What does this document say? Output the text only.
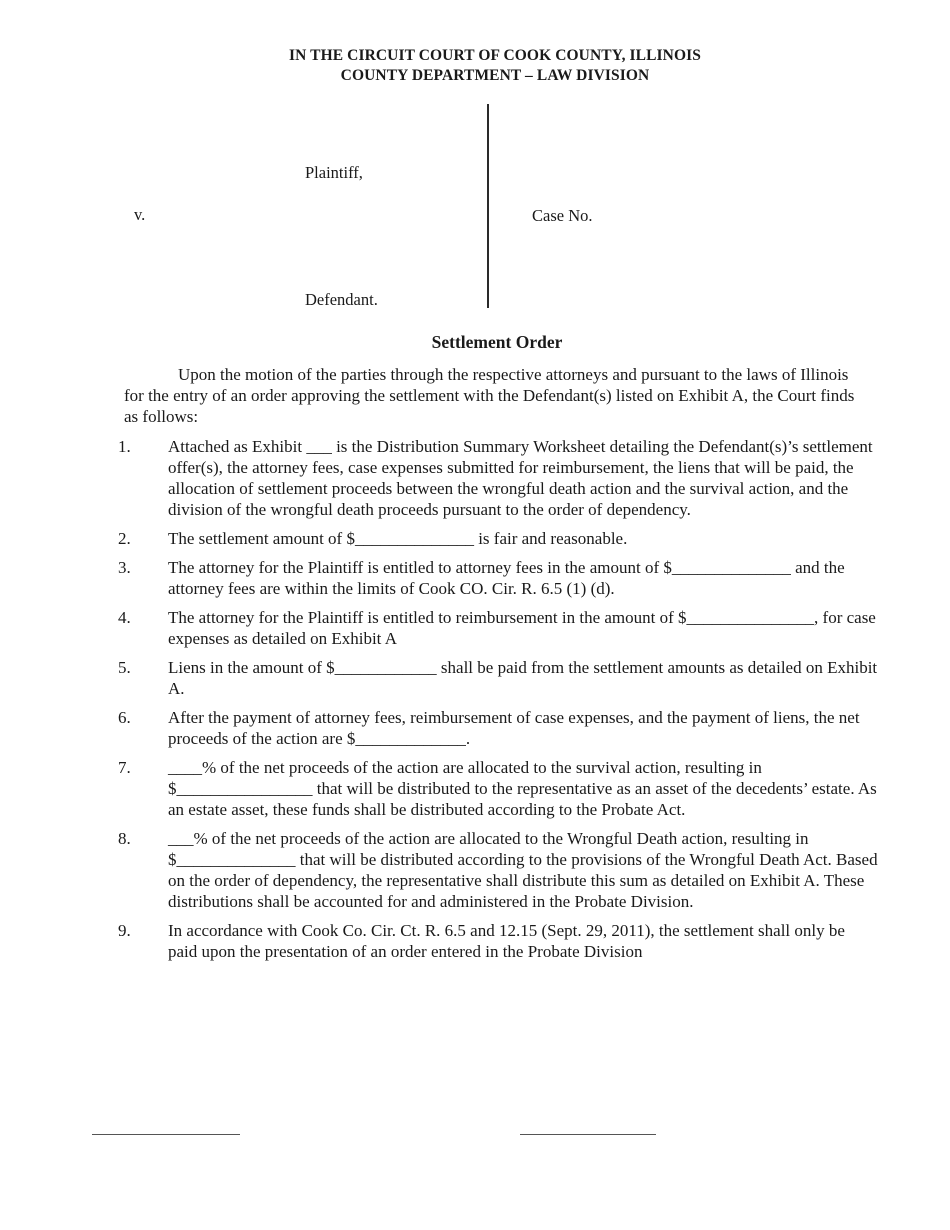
IN THE CIRCUIT COURT OF COOK COUNTY, ILLINOIS
COUNTY DEPARTMENT – LAW DIVISION
Plaintiff,
v.	Case No.
Defendant.
Settlement Order
Upon the motion of the parties through the respective attorneys and pursuant to the laws of Illinois for the entry of an order approving the settlement with the Defendant(s) listed on Exhibit A, the Court finds as follows:
1.	Attached as Exhibit ___ is the Distribution Summary Worksheet detailing the Defendant(s)’s settlement offer(s), the attorney fees, case expenses submitted for reimbursement, the liens that will be paid, the allocation of settlement proceeds between the wrongful death action and the survival action, and the division of the wrongful death proceeds pursuant to the order of dependency.
2.	The settlement amount of $______________ is fair and reasonable.
3.	The attorney for the Plaintiff is entitled to attorney fees in the amount of $______________ and the attorney fees are within the limits of Cook CO. Cir. R. 6.5 (1) (d).
4.	The attorney for the Plaintiff is entitled to reimbursement in the amount of $_______________, for case expenses as detailed on Exhibit A
5.	Liens in the amount of $____________ shall be paid from the settlement amounts as detailed on Exhibit A.
6.	After the payment of attorney fees, reimbursement of case expenses, and the payment of liens, the net proceeds of the action are $_____________.
7.	____% of the net proceeds of the action are allocated to the survival action, resulting in $________________ that will be distributed to the representative as an asset of the decedents’ estate. As an estate asset, these funds shall be distributed according to the Probate Act.
8.	___% of the net proceeds of the action are allocated to the Wrongful Death action, resulting in $______________ that will be distributed according to the provisions of the Wrongful Death Act. Based on the order of dependency, the representative shall distribute this sum as detailed on Exhibit A. These distributions shall be accounted for and administered in the Probate Division.
9.	In accordance with Cook Co. Cir. Ct. R. 6.5 and 12.15 (Sept. 29, 2011), the settlement shall only be paid upon the presentation of an order entered in the Probate Division
